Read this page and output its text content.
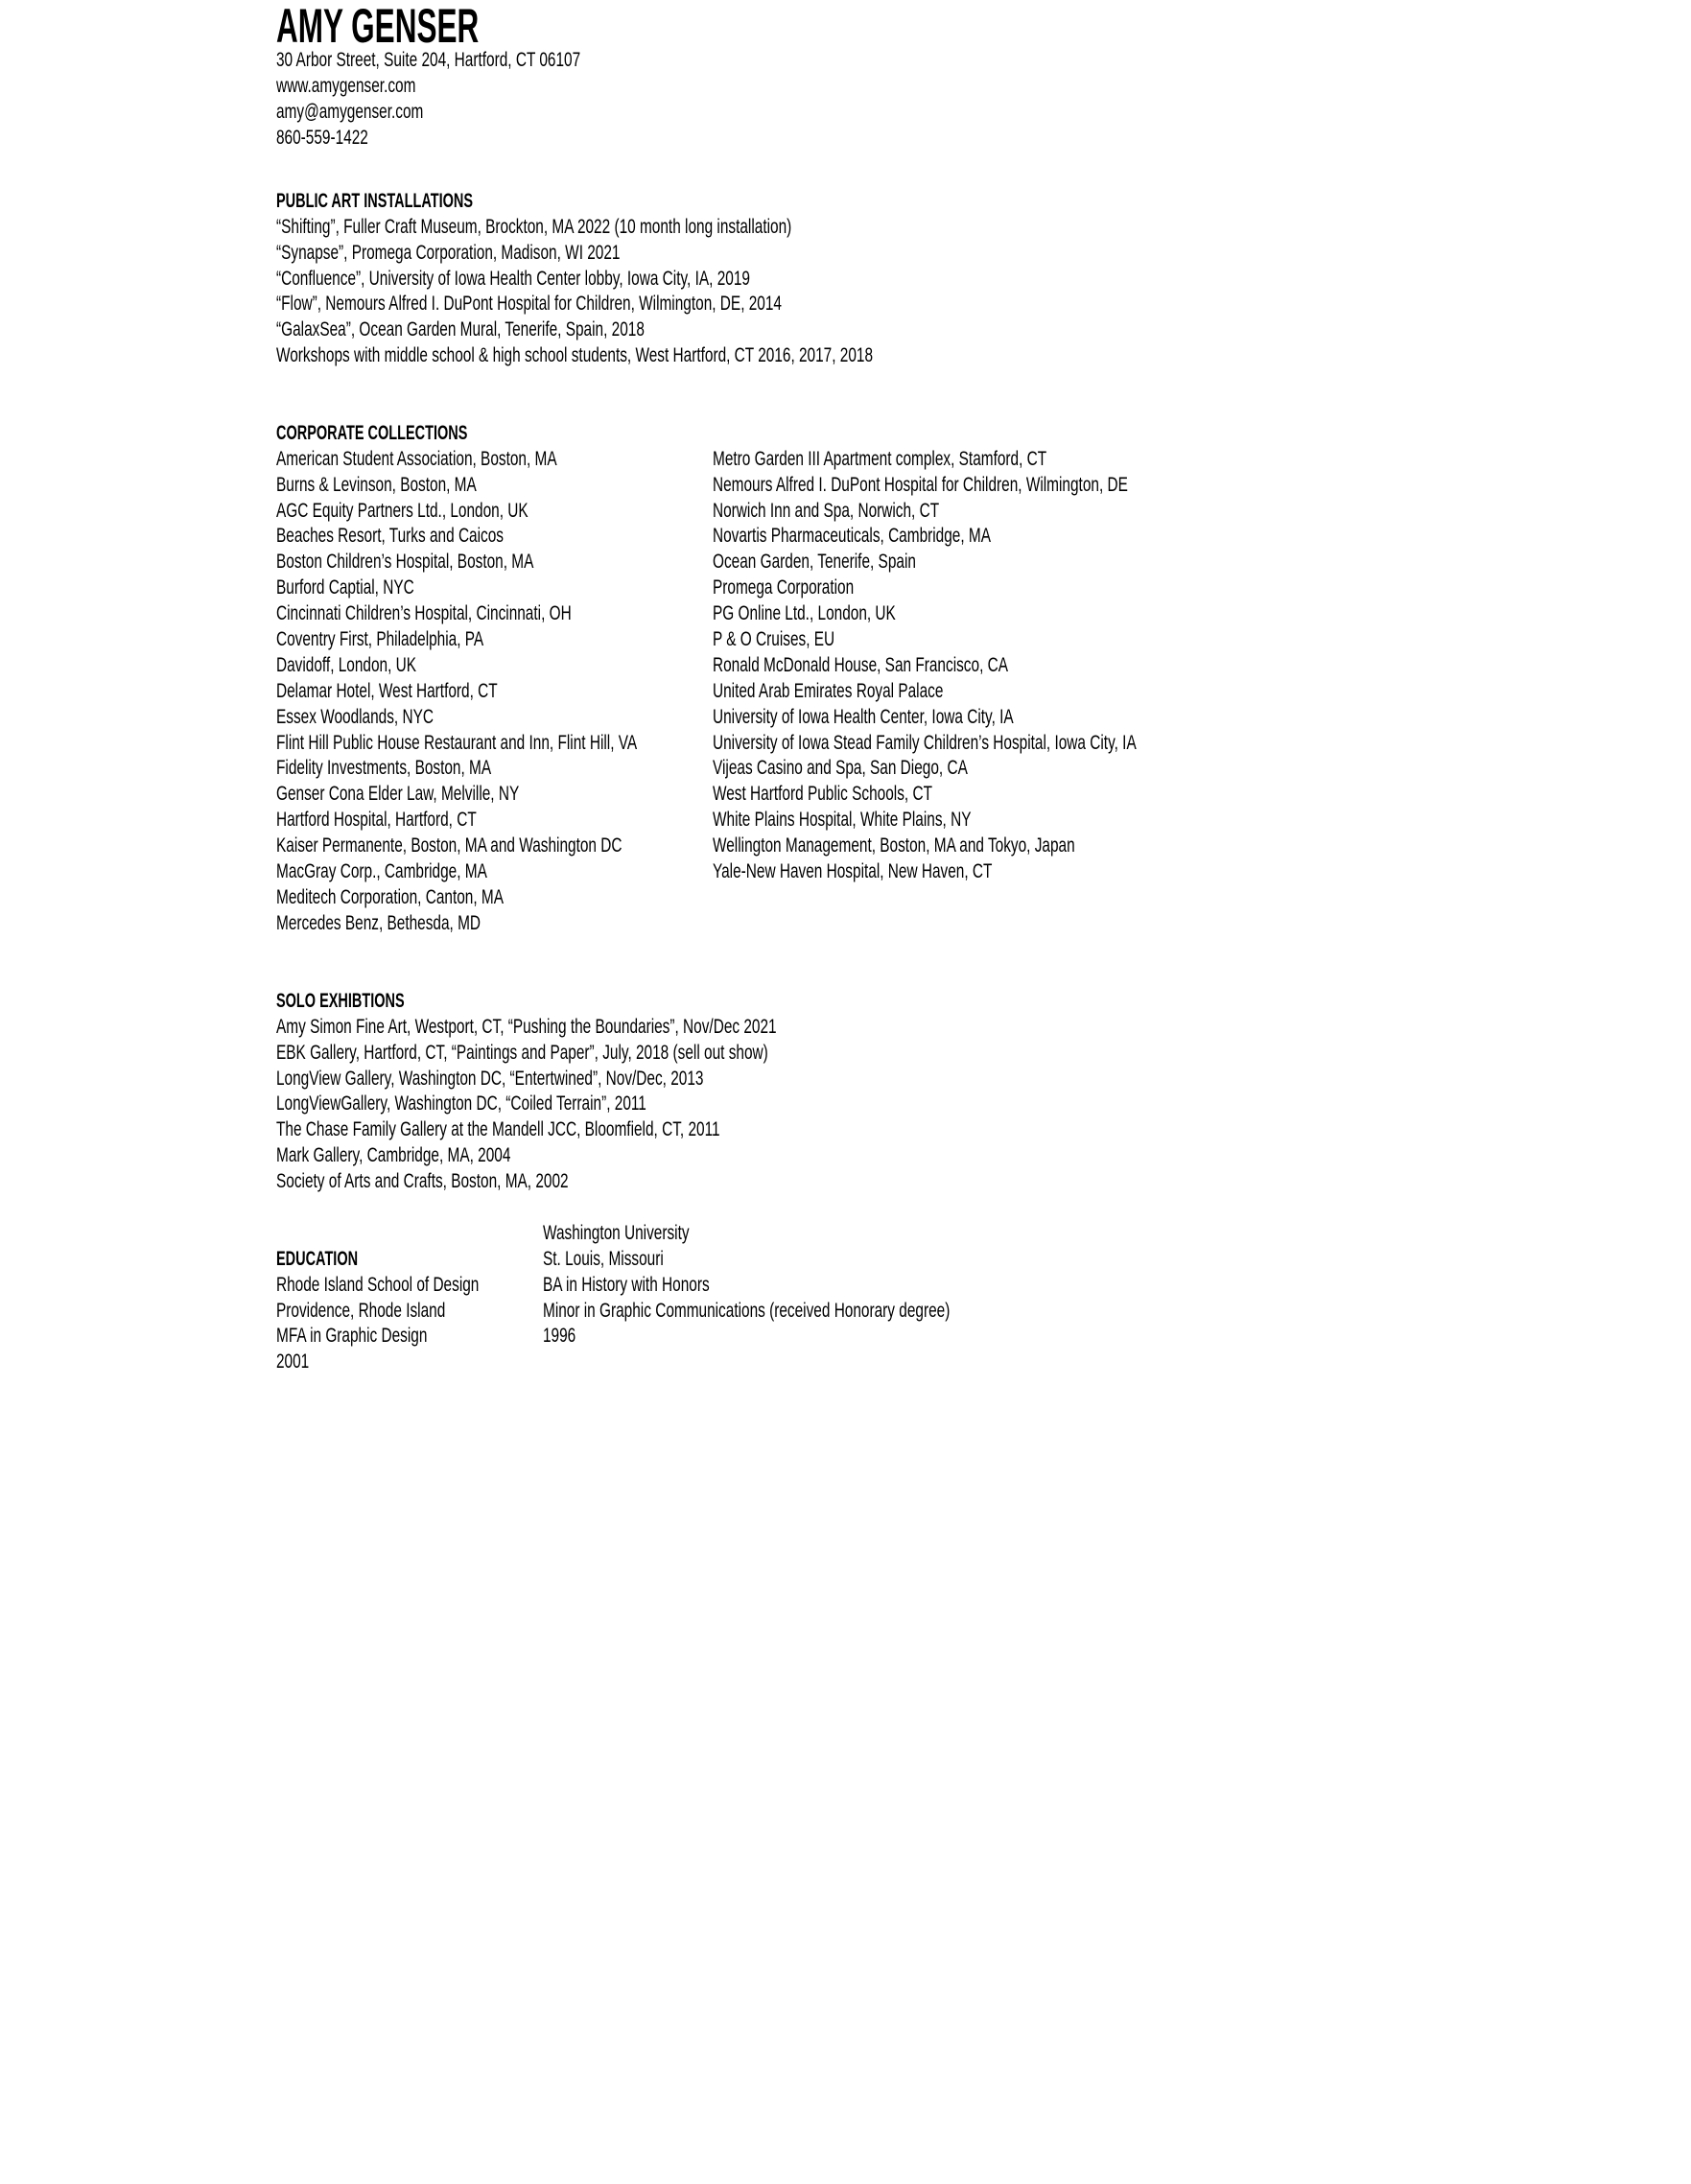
AMY GENSER
30 Arbor Street, Suite 204, Hartford, CT 06107
www.amygenser.com
amy@amygenser.com
860-559-1422
PUBLIC ART INSTALLATIONS
“Shifting”, Fuller Craft Museum, Brockton, MA 2022 (10 month long installation)
“Synapse”, Promega Corporation, Madison, WI 2021
“Confluence”, University of Iowa Health Center lobby, Iowa City, IA, 2019
“Flow”, Nemours Alfred I. DuPont Hospital for Children, Wilmington, DE, 2014
“GalaxSea”, Ocean Garden Mural, Tenerife, Spain, 2018
Workshops with middle school & high school students, West Hartford, CT 2016, 2017, 2018
CORPORATE COLLECTIONS
American Student Association, Boston, MA
Burns & Levinson, Boston, MA
AGC Equity Partners Ltd., London, UK
Beaches Resort, Turks and Caicos
Boston Children’s Hospital, Boston, MA
Burford Captial, NYC
Cincinnati Children’s Hospital, Cincinnati, OH
Coventry First, Philadelphia, PA
Davidoff, London, UK
Delamar Hotel, West Hartford, CT
Essex Woodlands, NYC
Flint Hill Public House Restaurant and Inn, Flint Hill, VA
Fidelity Investments, Boston, MA
Genser Cona Elder Law, Melville, NY
Hartford Hospital, Hartford, CT
Kaiser Permanente, Boston, MA and Washington DC
MacGray Corp., Cambridge, MA
Meditech Corporation, Canton, MA
Mercedes Benz, Bethesda, MD
Metro Garden III Apartment complex, Stamford, CT
Nemours Alfred I. DuPont Hospital for Children, Wilmington, DE
Norwich Inn and Spa, Norwich, CT
Novartis Pharmaceuticals, Cambridge, MA
Ocean Garden, Tenerife, Spain
Promega Corporation
PG Online Ltd., London, UK
P & O Cruises, EU
Ronald McDonald House, San Francisco, CA
United Arab Emirates Royal Palace
University of Iowa Health Center, Iowa City, IA
University of Iowa Stead Family Children’s Hospital, Iowa City, IA
Vijeas Casino and Spa, San Diego, CA
West Hartford Public Schools, CT
White Plains Hospital, White Plains, NY
Wellington Management, Boston, MA and Tokyo, Japan
Yale-New Haven Hospital, New Haven, CT
SOLO EXHIBTIONS
Amy Simon Fine Art, Westport, CT, “Pushing the Boundaries”, Nov/Dec 2021
EBK Gallery, Hartford, CT, “Paintings and Paper”, July, 2018 (sell out show)
LongView Gallery, Washington DC, “Entertwined”, Nov/Dec, 2013
LongViewGallery, Washington DC, “Coiled Terrain”, 2011
The Chase Family Gallery at the Mandell JCC, Bloomfield, CT, 2011
Mark Gallery, Cambridge, MA, 2004
Society of Arts and Crafts, Boston, MA, 2002
EDUCATION
Rhode Island School of Design
Providence, Rhode Island
MFA in Graphic Design
2001
Washington University
St. Louis, Missouri
BA in History with Honors
Minor in Graphic Communications (received Honorary degree)
1996
